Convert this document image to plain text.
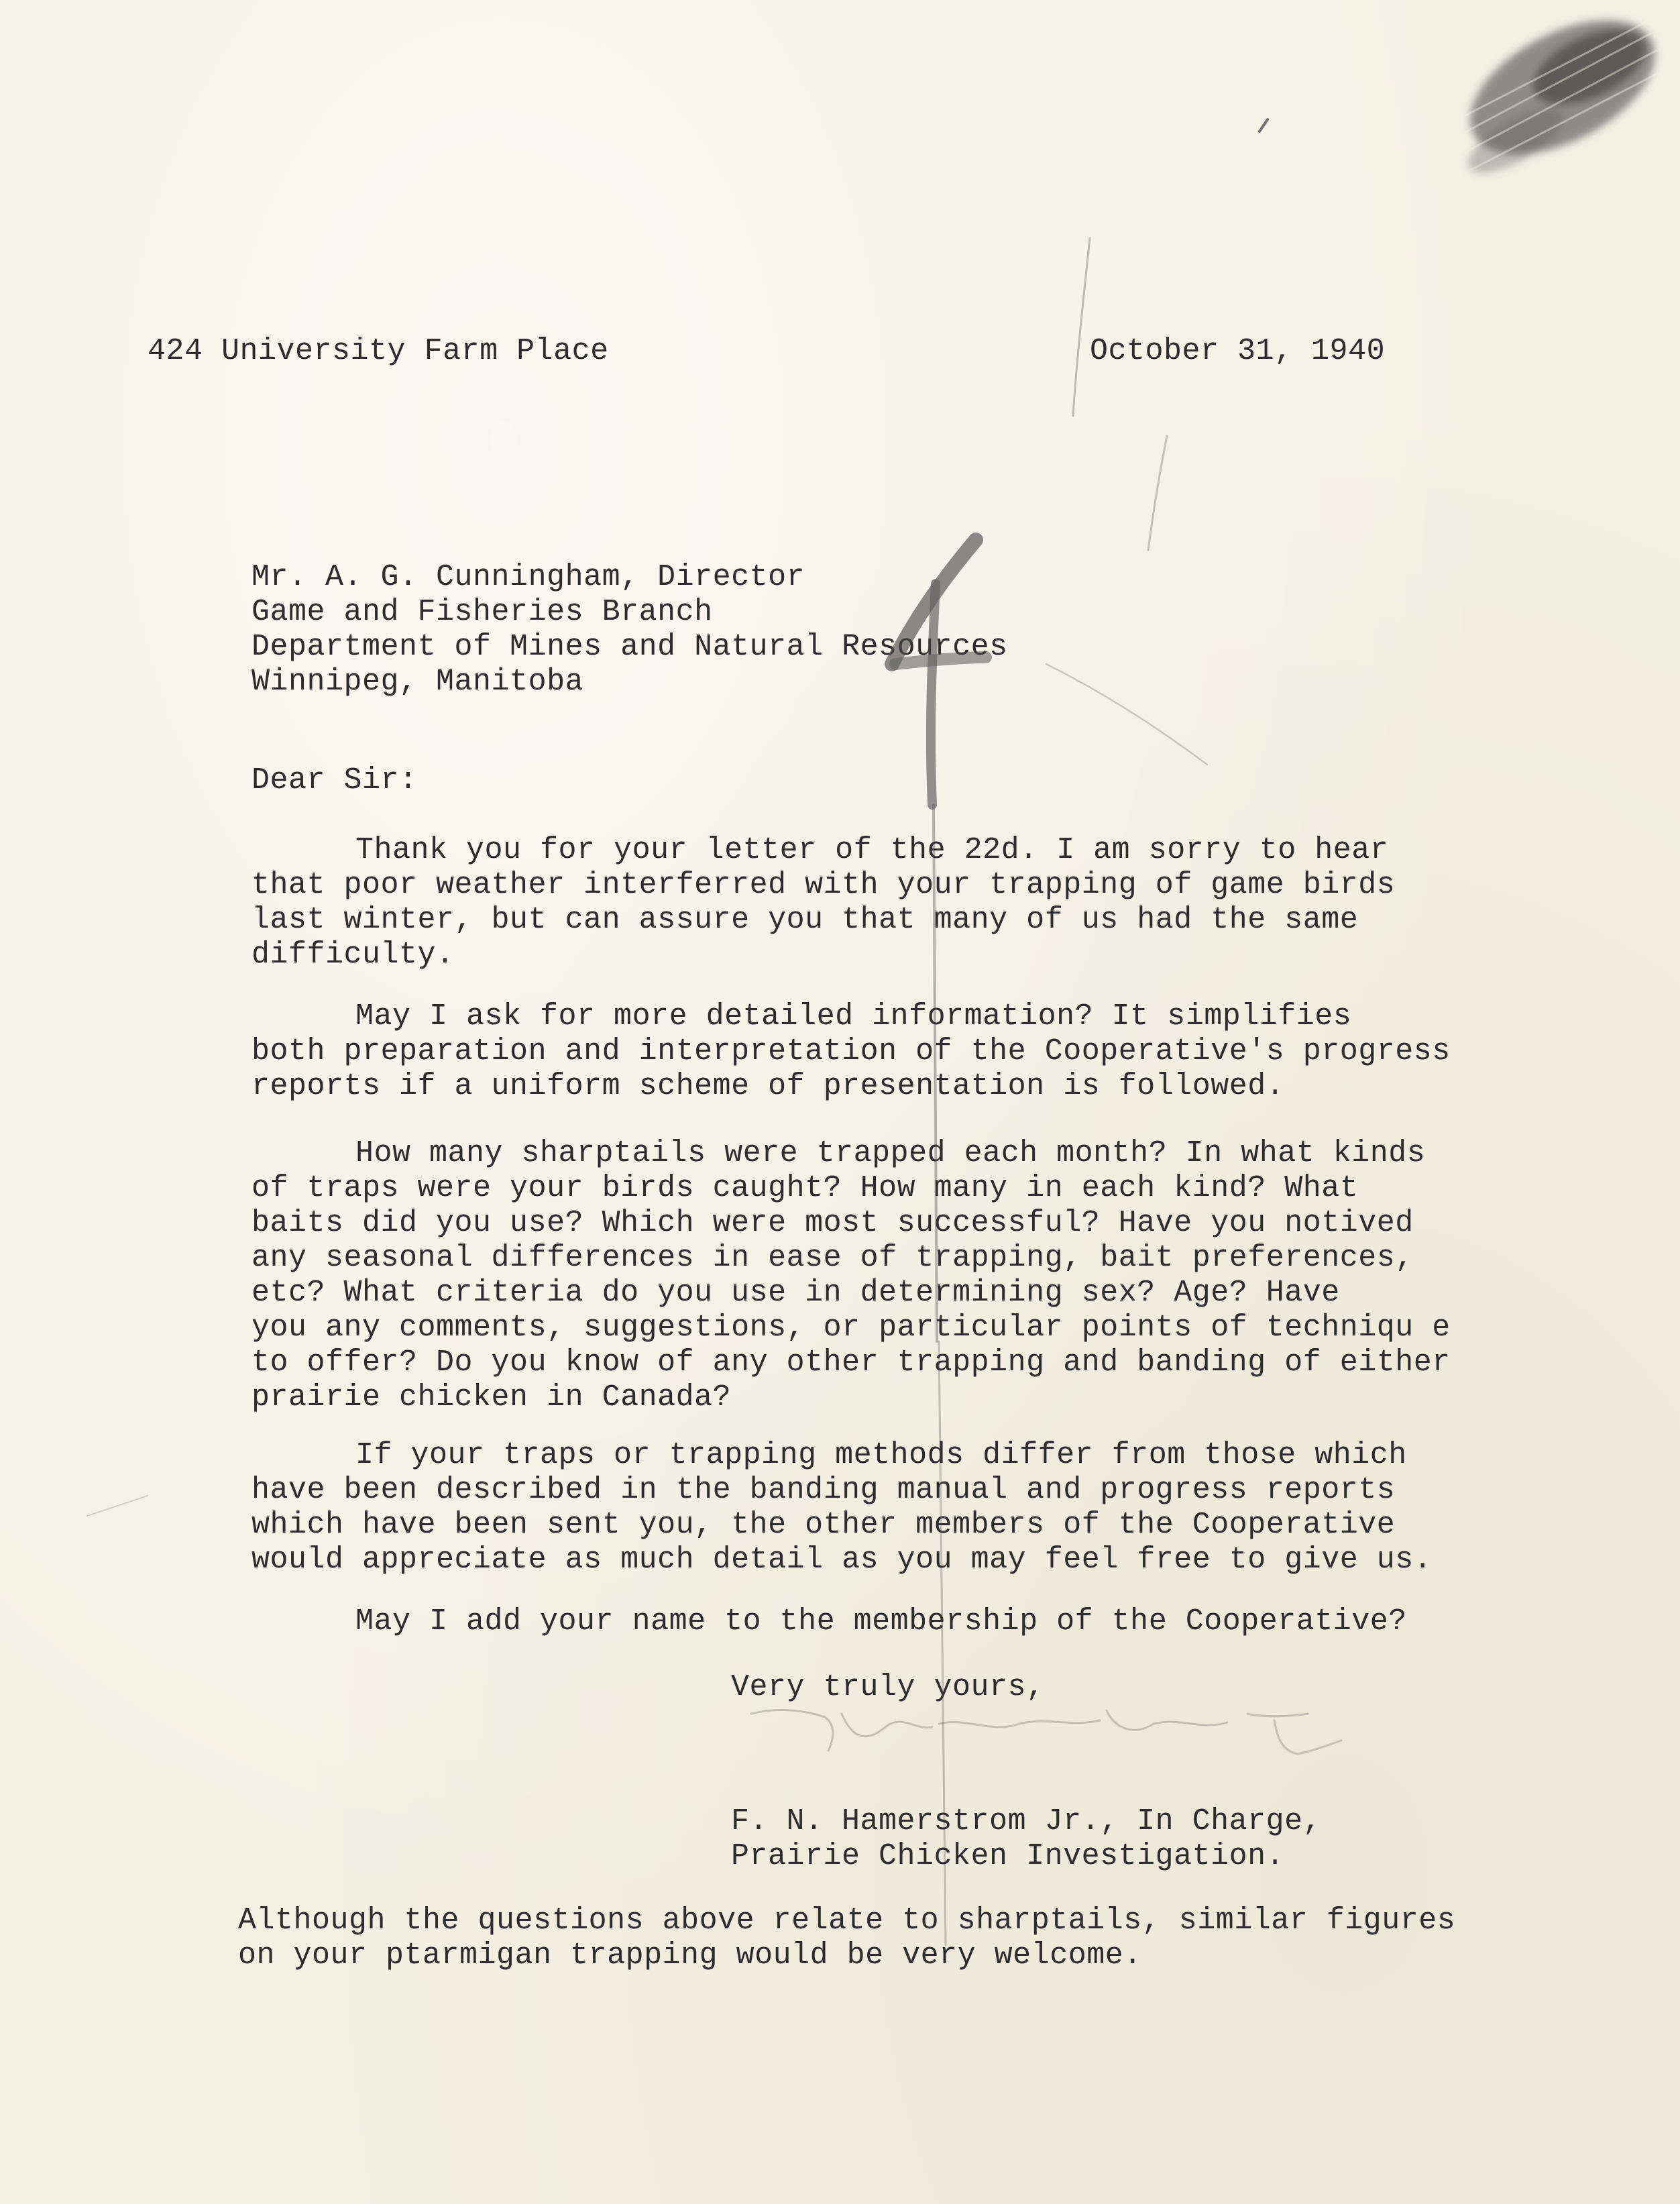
424 University Farm Place	October 31, 1940
Mr. A. G. Cunningham, Director
Game and Fisheries Branch
Department of Mines and Natural Resources
Winnipeg, Manitoba
Dear Sir:
Thank you for your letter of the 22d. I am sorry to hear
that poor weather interferred with your trapping of game birds
last winter, but can assure you that many of us had the same
difficulty.
May I ask for more detailed information? It simplifies
both preparation and interpretation of the Cooperative's progress
reports if a uniform scheme of presentation is followed.
How many sharptails were trapped each month? In what kinds
of traps were your birds caught? How many in each kind? What
baits did you use? Which were most successful? Have you notived
any seasonal differences in ease of trapping, bait preferences,
etc? What criteria do you use in determining sex? Age? Have
you any comments, suggestions, or particular points of techniqu e
to offer? Do you know of any other trapping and banding of either
prairie chicken in Canada?
If your traps or trapping methods differ from those which
have been described in the banding manual and progress reports
which have been sent you, the other members of the Cooperative
would appreciate as much detail as you may feel free to give us.
May I add your name to the membership of the Cooperative?
Very truly yours,
F. N. Hamerstrom Jr., In Charge,
Prairie Chicken Investigation.
Although the questions above relate to sharptails, similar figures
on your ptarmigan trapping would be very welcome.
